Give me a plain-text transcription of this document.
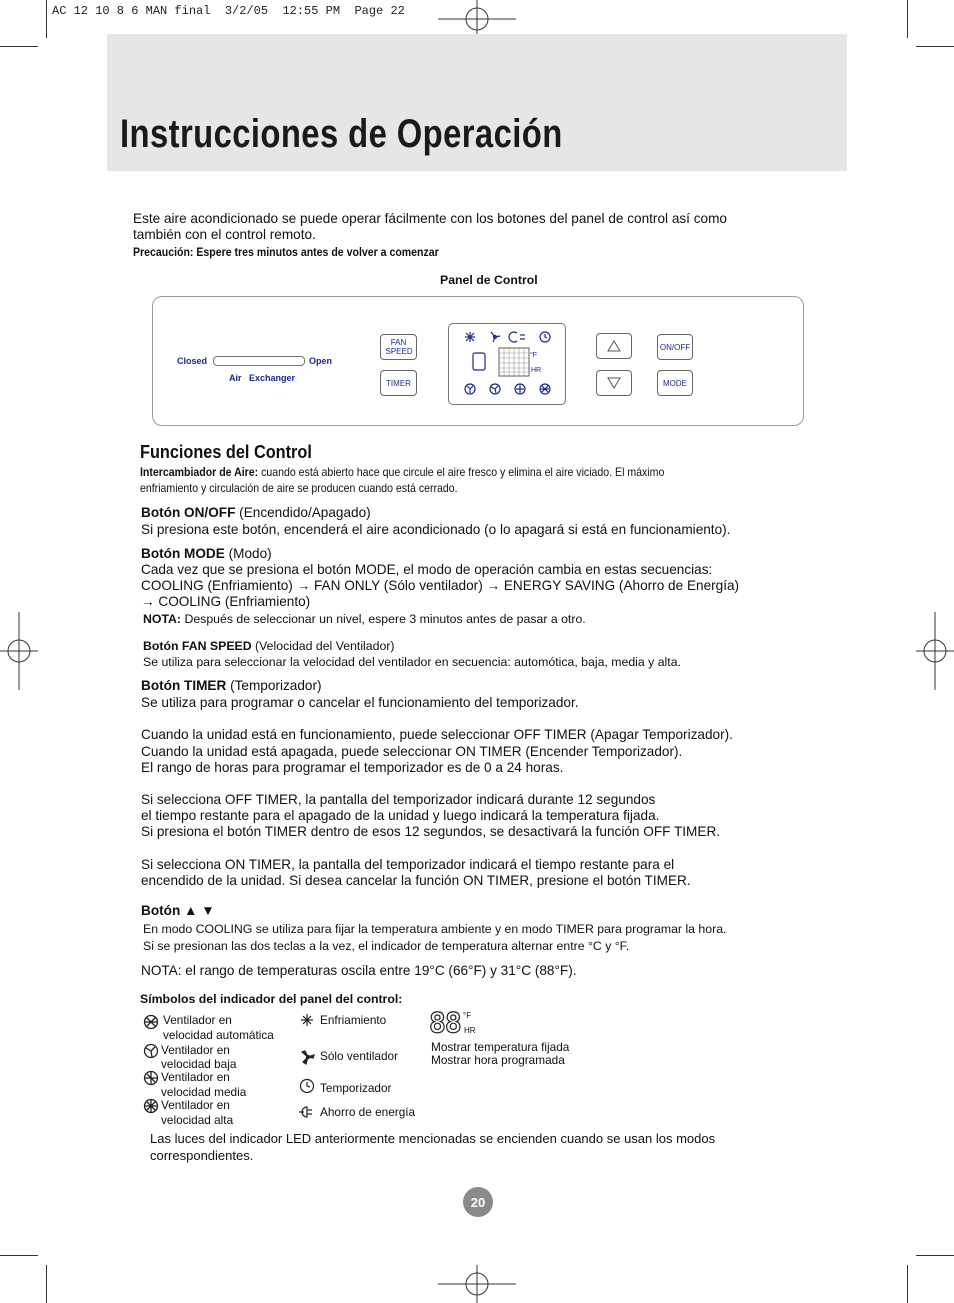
AC 12 10 8 6 MAN final  3/2/05  12:55 PM  Page 22
Instrucciones de Operación
Este aire acondicionado se puede operar fácilmente con los botones del panel de control así como
también con el control remoto.
Precaución: Espere tres minutos antes de volver a comenzar
Panel de Control
Closed	Open
Air   Exchanger
FAN SPEED
TIMER
°F
HR
ON/OFF
MODE
Funciones del Control
Intercambiador de Aire: cuando está abierto hace que circule el aire fresco y elimina el aire viciado. El máximo
enfriamiento y circulación de aire se producen cuando está cerrado.
Botón ON/OFF (Encendido/Apagado)
Si presiona este botón, encenderá el aire acondicionado (o lo apagará si está en funcionamiento).
Botón MODE (Modo)
Cada vez que se presiona el botón MODE, el modo de operación cambia en estas secuencias:
COOLING (Enfriamiento) → FAN ONLY (Sólo ventilador) → ENERGY SAVING (Ahorro de Energía)
→ COOLING (Enfriamiento)
NOTA: Después de seleccionar un nivel, espere 3 minutos antes de pasar a otro.
Botón FAN SPEED (Velocidad del Ventilador)
Se utiliza para seleccionar la velocidad del ventilador en secuencia: automótica, baja, media y alta.
Botón TIMER (Temporizador)
Se utiliza para programar o cancelar el funcionamiento del temporizador.
Cuando la unidad está en funcionamiento, puede seleccionar OFF TIMER (Apagar Temporizador).
Cuando la unidad está apagada, puede seleccionar ON TIMER (Encender Temporizador).
El rango de horas para programar el temporizador es de 0 a 24 horas.
Si selecciona OFF TIMER, la pantalla del temporizador indicará durante 12 segundos
el tiempo restante para el apagado de la unidad y luego indicará la temperatura fijada.
Si presiona el botón TIMER dentro de esos 12 segundos, se desactivará la función OFF TIMER.
Si selecciona ON TIMER, la pantalla del temporizador indicará el tiempo restante para el
encendido de la unidad. Si desea cancelar la función ON TIMER, presione el botón TIMER.
Botón ▲ ▼
En modo COOLING se utiliza para fijar la temperatura ambiente y en modo TIMER para programar la hora.
Si se presionan las dos teclas a la vez, el indicador de temperatura alternar entre °C y °F.
NOTA: el rango de temperaturas oscila entre 19°C (66°F) y 31°C (88°F).
Símbolos del indicador del panel del control:
Ventilador en
velocidad automática
Ventilador en
velocidad baja
Ventilador en
velocidad media
Ventilador en
velocidad alta
Enfriamiento
Sólo ventilador
Temporizador
Ahorro de energía
88 °F
HR
Mostrar temperatura fijada
Mostrar hora programada
Las luces del indicador LED anteriormente mencionadas se encienden cuando se usan los modos
correspondientes.
20
